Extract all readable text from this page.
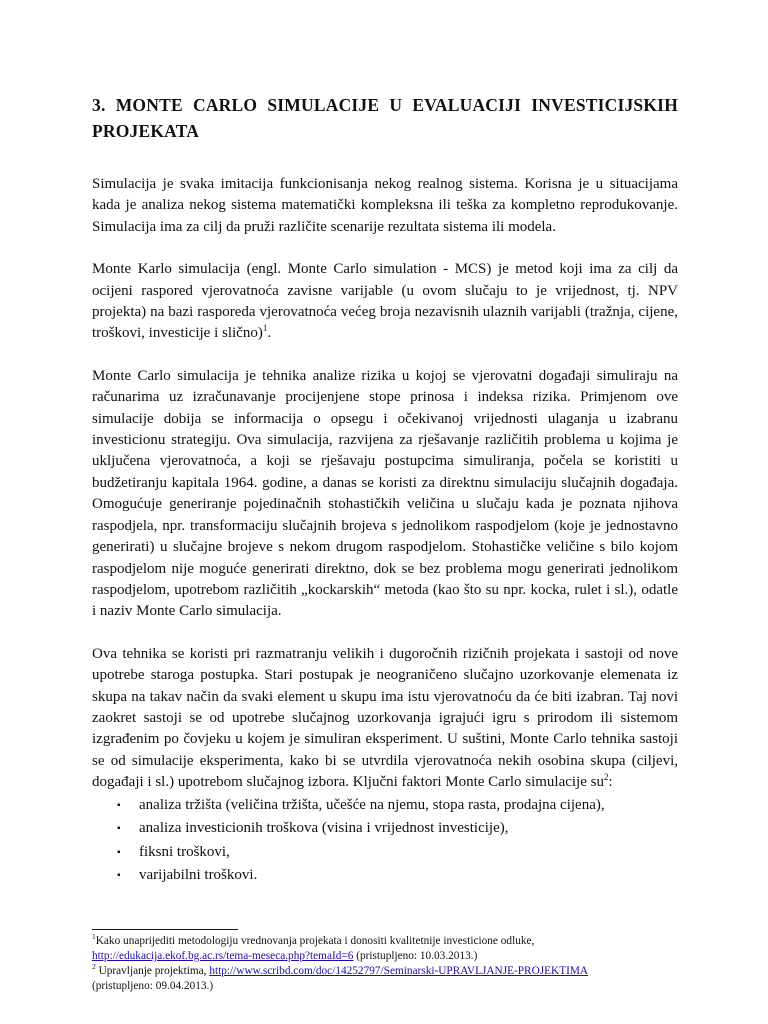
3. MONTE CARLO SIMULACIJE U EVALUACIJI INVESTICIJSKIH PROJEKATA

Simulacija je svaka imitacija funkcionisanja nekog realnog sistema. Korisna je u situacijama kada je analiza nekog sistema matematički kompleksna ili teška za kompletno reprodukovanje. Simulacija ima za cilj da pruži različite scenarije rezultata sistema ili modela.

Monte Karlo simulacija (engl. Monte Carlo simulation - MCS) je metod koji ima za cilj da ocijeni raspored vjerovatnoća zavisne varijable (u ovom slučaju to je vrijednost, tj. NPV projekta) na bazi rasporeda vjerovatnoća većeg broja nezavisnih ulaznih varijabli (tražnja, cijene, troškovi, investicije i slično)$^1$.

Monte Carlo simulacija je tehnika analize rizika u kojoj se vjerovatni događaji simuliraju na računarima uz izračunavanje procijenjene stope prinosa i indeksa rizika. Primjenom ove simulacije dobija se informacija o opsegu i očekivanoj vrijednosti ulaganja u izabranu investicionu strategiju. Ova simulacija, razvijena za rješavanje različitih problema u kojima je uključena vjerovatnoća, a koji se rješavaju postupcima simuliranja, počela se koristiti u budžetiranju kapitala 1964. godine, a danas se koristi za direktnu simulaciju slučajnih događaja. Omogućuje generiranje pojedinačnih stohastičkih veličina u slučaju kada je poznata njihova raspodjela, npr. transformaciju slučajnih brojeva s jednolikom raspodjelom (koje je jednostavno generirati) u slučajne brojeve s nekom drugom raspodjelom. Stohastičke veličine s bilo kojom raspodjelom nije moguće generirati direktno, dok se bez problema mogu generirati jednolikom raspodjelom, upotrebom različitih „kockarskih“ metoda (kao što su npr. kocka, rulet i sl.), odatle i naziv Monte Carlo simulacija.

Ova tehnika se koristi pri razmatranju velikih i dugoročnih rizičnih projekata i sastoji od nove upotrebe staroga postupka. Stari postupak je neograničeno slučajno uzorkovanje elemenata iz skupa na takav način da svaki element u skupu ima istu vjerovatnoću da će biti izabran. Taj novi zaokret sastoji se od upotrebe slučajnog uzorkovanja igrajući igru s prirodom ili sistemom izgrađenim po čovjeku u kojem je simuliran eksperiment. U suštini, Monte Carlo tehnika sastoji se od simulacije eksperimenta, kako bi se utvrdila vjerovatnoća nekih osobina skupa (ciljevi, događaji i sl.) upotrebom slučajnog izbora. Ključni faktori Monte Carlo simulacije $su^2$:

▪ analiza tržišta (veličina tržišta, učešće na njemu, stopa rasta, prodajna cijena),
▪ analiza investicionih troškova (visina i vrijednost investicije),
▪ fiksni troškovi,
▪ varijabilni troškovi.
$^1$Kako unaprijediti metodologiju vrednovanja projekata i donositi kvalitetnije investicione odluke,
http://edukacija.ekof.bg.ac.rs/tema-meseca.php?temaId=6 (pristupljeno: 10.03.2013.)
$^2$ Upravljanje projektima, http://www.scribd.com/doc/14252797/Seminarski-UPRAVLJANJE-PROJEKTIMA
(pristupljeno: 09.04.2013.)
